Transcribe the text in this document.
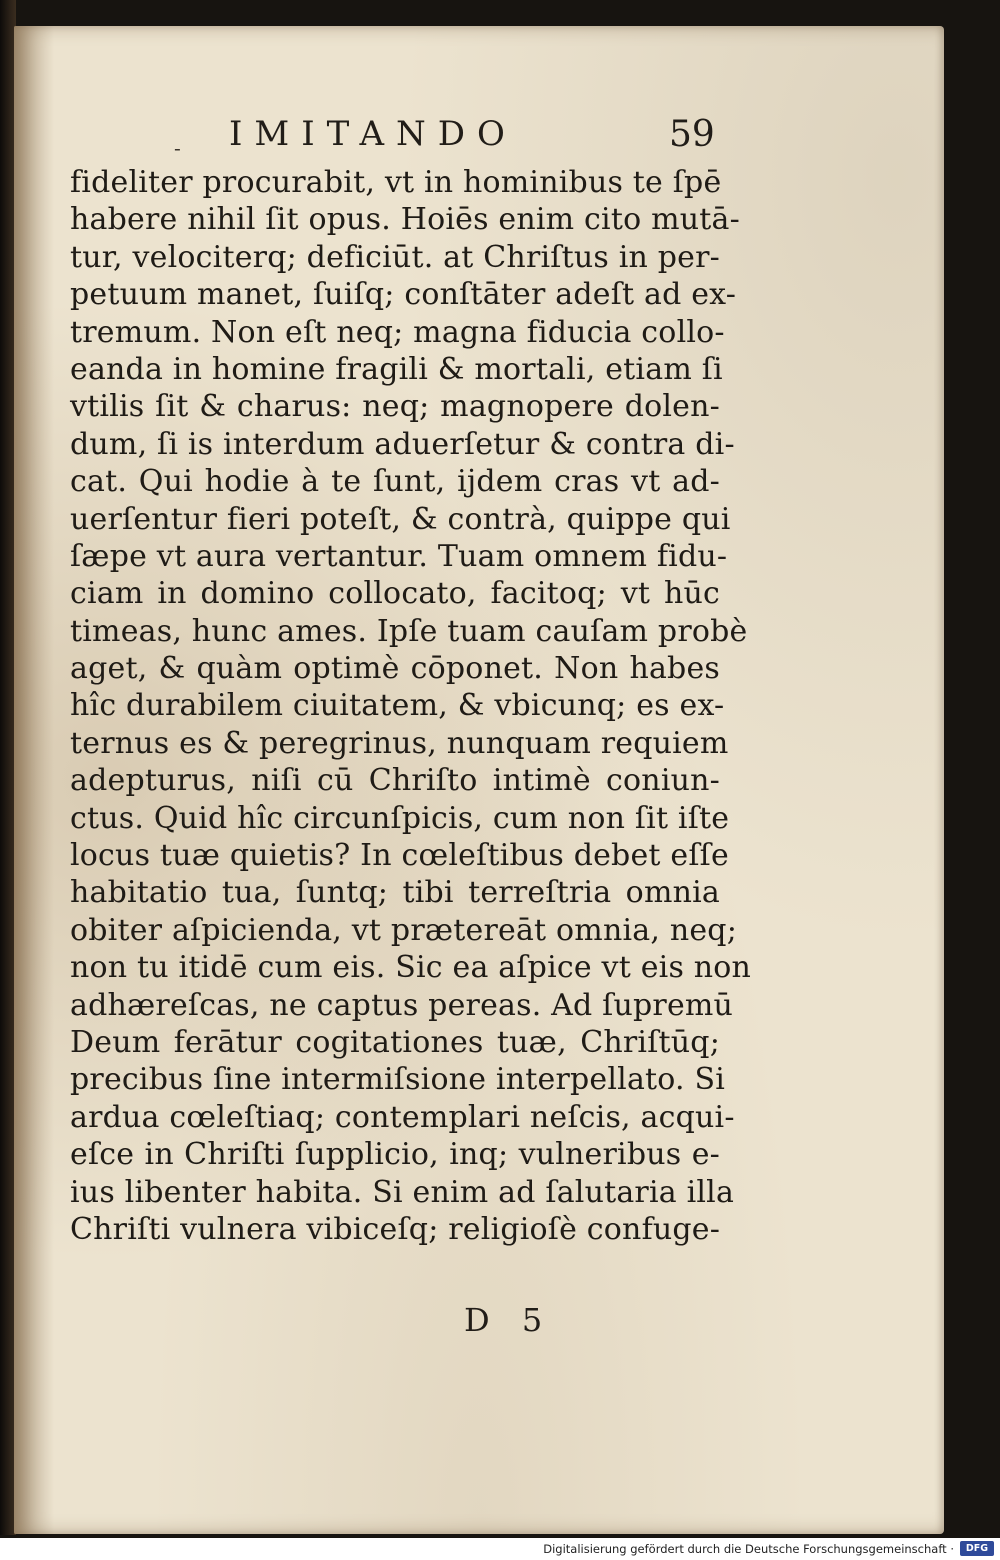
- IMITANDO	59
fideliter procurabit, vt in hominibus te ſpē
habere nihil ſit opus. Hoiēs enim cito mutā-
tur, velociterq; deficiūt. at Chriſtus in per-
petuum manet, ſuiſq; conſtāter adeſt ad ex-
tremum. Non eſt neq; magna fiducia collo-
eanda in homine fragili & mortali, etiam ſi
vtilis ſit & charus: neq; magnopere dolen-
dum, ſi is interdum aduerſetur & contra di-
cat. Qui hodie à te ſunt, ijdem cras vt ad-
uerſentur fieri poteſt, & contrà, quippe qui
ſæpe vt aura vertantur. Tuam omnem fidu-
ciam in domino collocato, facitoq; vt hūc
timeas, hunc ames. Ipſe tuam cauſam probè
aget, & quàm optimè cōponet. Non habes
hîc durabilem ciuitatem, & vbicunq; es ex-
ternus es & peregrinus, nunquam requiem
adepturus, niſi cū Chriſto intimè coniun-
ctus. Quid hîc circunſpicis, cum non ſit iſte
locus tuæ quietis? In cœleſtibus debet eſſe
habitatio tua, ſuntq; tibi terreſtria omnia
obiter aſpicienda, vt prætereāt omnia, neq;
non tu itidē cum eis. Sic ea aſpice vt eis non
adhæreſcas, ne captus pereas. Ad ſupremū
Deum ferātur cogitationes tuæ, Chriſtūq;
precibus ſine intermiſsione interpellato. Si
ardua cœleſtiaq; contemplari neſcis, acqui-
eſce in Chriſti ſupplicio, inq; vulneribus e-
ius libenter habita. Si enim ad ſalutaria illa
Chriſti vulnera vibiceſq; religioſè confuge-
D 5
Digitalisierung gefördert durch die Deutsche Forschungsgemeinschaft ·	DFG
